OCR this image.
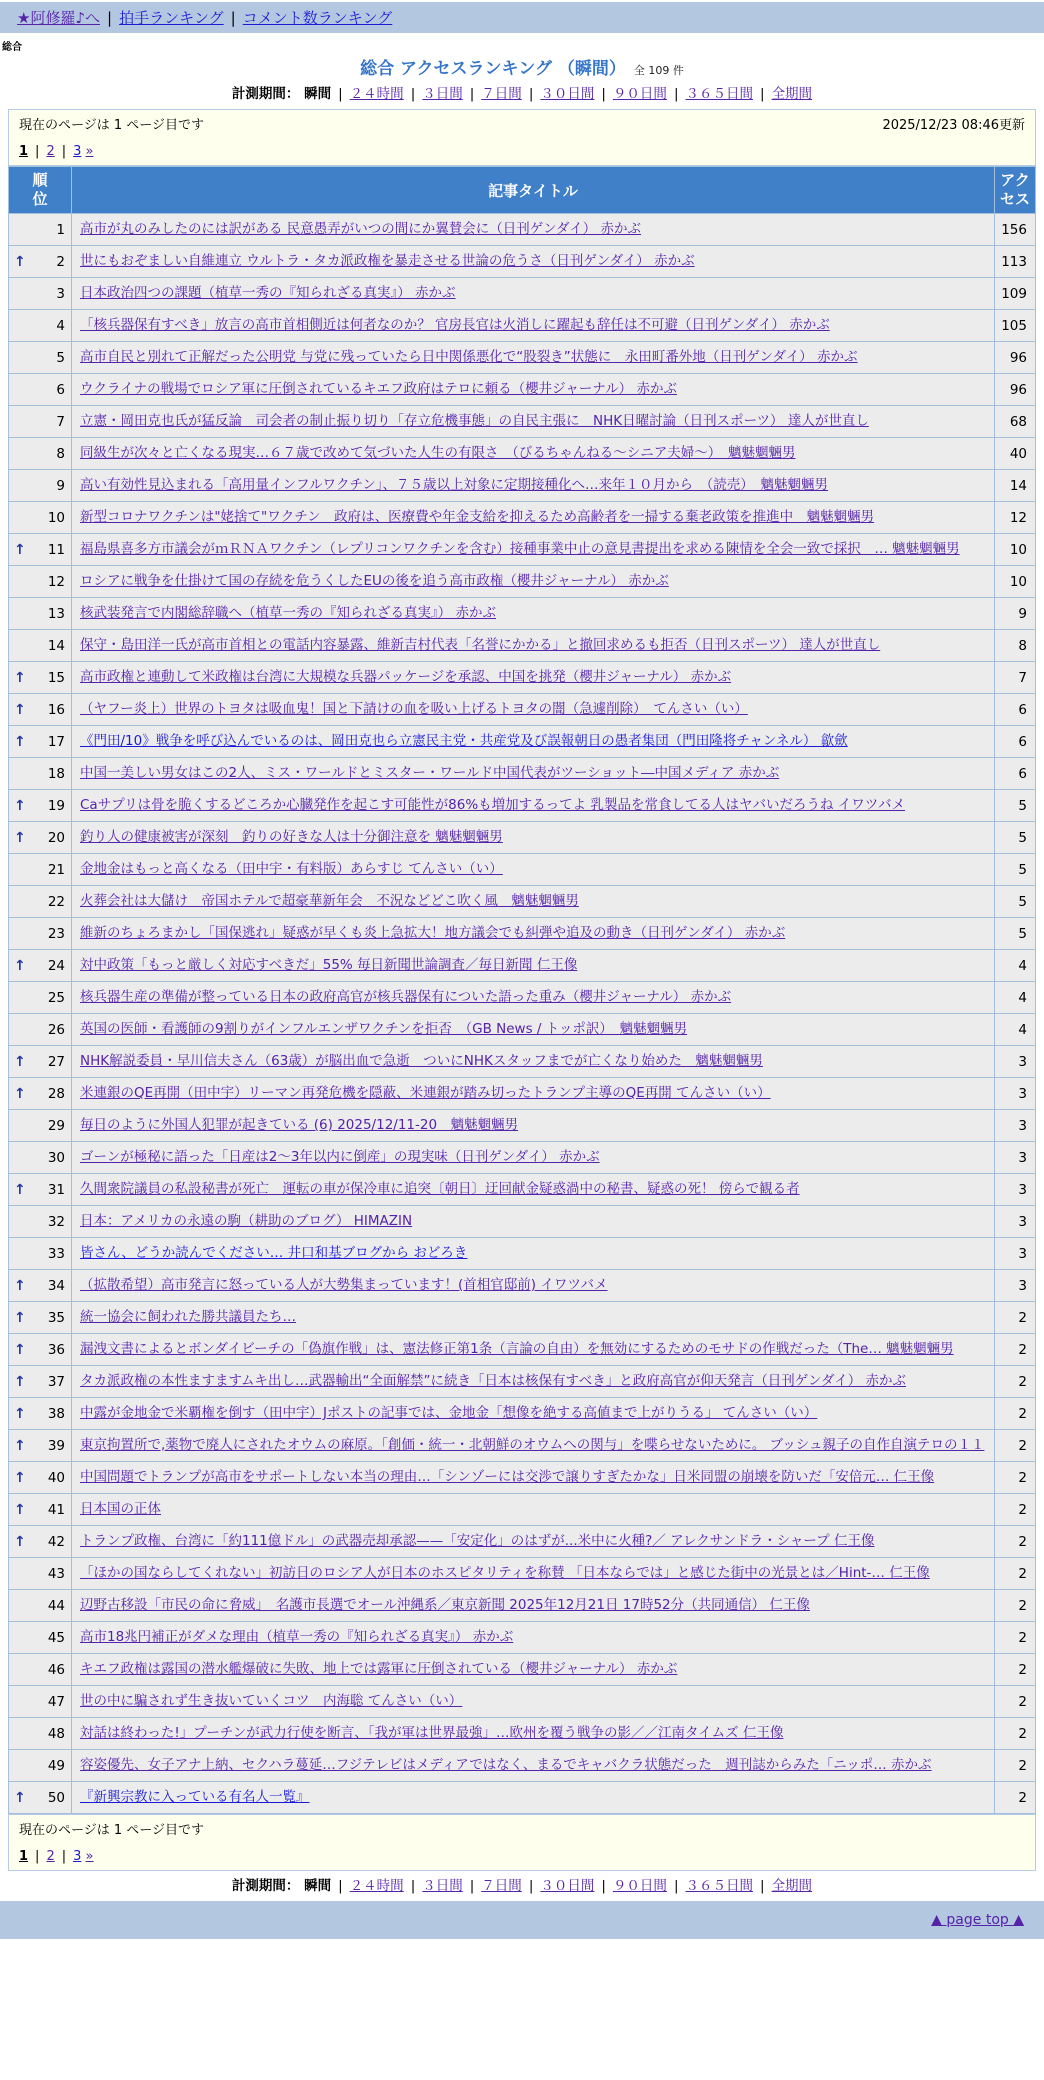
★阿修羅♪へ | 拍手ランキング | コメント数ランキング
総合
総合 アクセスランキング （瞬間） 全 109 件
計測期間： 瞬間 | ２４時間 | ３日間 | ７日間 | ３０日間 | ９０日間 | ３６５日間 | 全期間
現在のページは 1 ページ目です	2025/12/23 08:46更新
1 | 2 | 3 »
順位	記事タイトル	アクセス

1	高市が丸のみしたのには訳がある 民意愚弄がいつの間にか翼賛会に（日刊ゲンダイ） 赤かぶ	156

↑ 2	世にもおぞましい自維連立 ウルトラ・タカ派政権を暴走させる世論の危うさ（日刊ゲンダイ） 赤かぶ	113

3	日本政治四つの課題（植草一秀の『知られざる真実』） 赤かぶ	109

4	「核兵器保有すべき」放言の高市首相側近は何者なのか？ 官房長官は火消しに躍起も辞任は不可避（日刊ゲンダイ） 赤かぶ	105

5	高市自民と別れて正解だった公明党 与党に残っていたら日中関係悪化で“股裂き”状態に　永田町番外地（日刊ゲンダイ） 赤かぶ	96

6	ウクライナの戦場でロシア軍に圧倒されているキエフ政府はテロに頼る（櫻井ジャーナル） 赤かぶ	96

7	立憲・岡田克也氏が猛反論　司会者の制止振り切り「存立危機事態」の自民主張に　NHK日曜討論（日刊スポーツ） 達人が世直し	68

8	同級生が次々と亡くなる現実…６７歳で改めて気づいた人生の有限さ　（びるちゃんねる～シニア夫婦～）　魑魅魍魎男	40

9	高い有効性見込まれる「高用量インフルワクチン」、７５歳以上対象に定期接種化へ…来年１０月から　（読売）　魑魅魍魎男	14

10	新型コロナワクチンは"姥捨て"ワクチン　政府は、医療費や年金支給を抑えるため高齢者を一掃する棄老政策を推進中　魑魅魍魎男	12

↑ 11	福島県喜多方市議会がｍＲＮＡワクチン（レプリコンワクチンを含む）接種事業中止の意見書提出を求める陳情を全会一致で採択　… 魑魅魍魎男	10

12	ロシアに戦争を仕掛けて国の存続を危うくしたEUの後を追う高市政権（櫻井ジャーナル） 赤かぶ	10

13	核武装発言で内閣総辞職へ（植草一秀の『知られざる真実』） 赤かぶ	9

14	保守・島田洋一氏が高市首相との電話内容暴露、維新吉村代表「名誉にかかる」と撤回求めるも拒否（日刊スポーツ） 達人が世直し	8

↑ 15	高市政権と連動して米政権は台湾に大規模な兵器パッケージを承認、中国を挑発（櫻井ジャーナル） 赤かぶ	7

↑ 16	（ヤフー炎上）世界のトヨタは吸血鬼！国と下請けの血を吸い上げるトヨタの闇（急遽削除）　てんさい（い）	6

↑ 17	《門田/10》戦争を呼び込んでいるのは、岡田克也ら立憲民主党・共産党及び誤報朝日の愚者集団（門田隆将チャンネル） 歙歛	6

18	中国一美しい男女はこの2人、ミス・ワールドとミスター・ワールド中国代表がツーショット―中国メディア 赤かぶ	6

↑ 19	Caサプリは骨を脆くするどころか心臓発作を起こす可能性が86%も増加するってよ 乳製品を常食してる人はヤバいだろうね イワツバメ	5

↑ 20	釣り人の健康被害が深刻　釣りの好きな人は十分御注意を 魑魅魍魎男	5

21	金地金はもっと高くなる（田中宇・有料版）あらすじ てんさい（い）	5

22	火葬会社は大儲け　帝国ホテルで超豪華新年会　不況などどこ吹く風　魑魅魍魎男	5

23	維新のちょろまかし「国保逃れ」疑惑が早くも炎上急拡大！地方議会でも糾弾や追及の動き（日刊ゲンダイ） 赤かぶ	5

↑ 24	対中政策「もっと厳しく対応すべきだ」55% 毎日新聞世論調査／毎日新聞 仁王像	4

25	核兵器生産の準備が整っている日本の政府高官が核兵器保有についた語った重み（櫻井ジャーナル） 赤かぶ	4

26	英国の医師・看護師の9割りがインフルエンザワクチンを拒否　（GB News / トッポ訳）　魑魅魍魎男	4

↑ 27	NHK解説委員・早川信夫さん（63歳）が脳出血で急逝　ついにNHKスタッフまでが亡くなり始めた　魑魅魍魎男	3

↑ 28	米連銀のQE再開（田中宇）リーマン再発危機を隠蔽、米連銀が踏み切ったトランプ主導のQE再開 てんさい（い）	3

29	毎日のように外国人犯罪が起きている (6) 2025/12/11-20　魑魅魍魎男	3

30	ゴーンが極秘に語った「日産は2～3年以内に倒産」の現実味（日刊ゲンダイ） 赤かぶ	3

↑ 31	久間衆院議員の私設秘書が死亡　運転の車が保冷車に追突〔朝日〕迂回献金疑惑渦中の秘書、疑惑の死！ 傍らで観る者	3

32	日本：アメリカの永遠の駒（耕助のブログ） HIMAZIN	3

33	皆さん、どうか読んでください… 井口和基ブログから おどろき	3

↑ 34	（拡散希望）高市発言に怒っている人が大勢集まっています！(首相官邸前) イワツバメ	3

↑ 35	統一協会に飼われた勝共議員たち…	2

↑ 36	漏洩文書によるとボンダイビーチの「偽旗作戦」は、憲法修正第1条（言論の自由）を無効にするためのモサドの作戦だった（The… 魑魅魍魎男	2

↑ 37	タカ派政権の本性ますますムキ出し…武器輸出“全面解禁”に続き「日本は核保有すべき」と政府高官が仰天発言（日刊ゲンダイ） 赤かぶ	2

↑ 38	中露が金地金で米覇権を倒す（田中宇）Jポストの記事では、金地金「想像を絶する高値まで上がりうる」 てんさい（い）	2

↑ 39	東京拘置所で,薬物で廃人にされたオウムの麻原。「創価・統一・北朝鮮のオウムへの関与」を喋らせないために。 ブッシュ親子の自作自演テロの１１	2

↑ 40	中国問題でトランプが高市をサポートしない本当の理由…「シンゾーには交渉で譲りすぎたかな」日米同盟の崩壊を防いだ「安倍元… 仁王像	2

↑ 41	日本国の正体	2

↑ 42	トランプ政権、台湾に「約111億ドル」の武器売却承認——「安定化」のはずが...米中に火種?／ アレクサンドラ・シャープ 仁王像	2

43	「ほかの国ならしてくれない」初訪日のロシア人が日本のホスピタリティを称賛 「日本ならでは」と感じた街中の光景とは／Hint-… 仁王像	2

44	辺野古移設「市民の命に脅威」　名護市長選でオール沖縄系／東京新聞 2025年12月21日 17時52分（共同通信） 仁王像	2

45	高市18兆円補正がダメな理由（植草一秀の『知られざる真実』） 赤かぶ	2

46	キエフ政権は露国の潜水艦爆破に失敗、地上では露軍に圧倒されている（櫻井ジャーナル） 赤かぶ	2

47	世の中に騙されず生き抜いていくコツ　内海聡 てんさい（い）	2

48	対話は終わった!」プーチンが武力行使を断言、「我が軍は世界最強」…欧州を覆う戦争の影／／江南タイムズ 仁王像	2

49	容姿優先、女子アナ上納、セクハラ蔓延…フジテレビはメディアではなく、まるでキャバクラ状態だった　週刊誌からみた「ニッポ… 赤かぶ	2

↑ 50	『新興宗教に入っている有名人一覧』	2
現在のページは 1 ページ目です
1 | 2 | 3 »
計測期間： 瞬間 | ２４時間 | ３日間 | ７日間 | ３０日間 | ９０日間 | ３６５日間 | 全期間
▲ page top ▲
